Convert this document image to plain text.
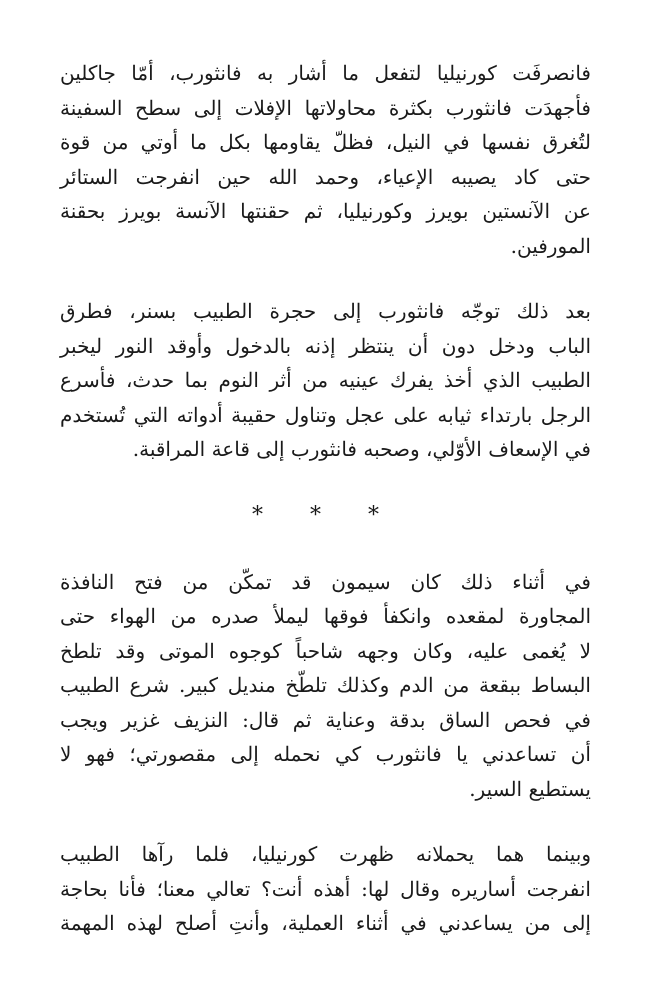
فانصرفَت كورنيليا لتفعل ما أشار به فانثورب، أمّا جاكلين
فأجهدَت فانثورب بكثرة محاولاتها الإفلات إلى سطح السفينة
لتُغرق نفسها في النيل، فظلّ يقاومها بكل ما أوتي من قوة
حتى كاد يصيبه الإعياء، وحمد الله حين انفرجت الستائر
عن الآنستين بويرز وكورنيليا، ثم حقنتها الآنسة بويرز بحقنة
المورفين.

بعد ذلك توجّه فانثورب إلى حجرة الطبيب بسنر، فطرق
الباب ودخل دون أن ينتظر إذنه بالدخول وأوقد النور ليخبر
الطبيب الذي أخذ يفرك عينيه من أثر النوم بما حدث، فأسرع
الرجل بارتداء ثيابه على عجل وتناول حقيبة أدواته التي تُستخدم
في الإسعاف الأوّلي، وصحبه فانثورب إلى قاعة المراقبة.

* * *

في أثناء ذلك كان سيمون قد تمكّن من فتح النافذة
المجاورة لمقعده وانكفأ فوقها ليملأ صدره من الهواء حتى
لا يُغمى عليه، وكان وجهه شاحباً كوجوه الموتى وقد تلطخ
البساط ببقعة من الدم وكذلك تلطّخ منديل كبير. شرع الطبيب
في فحص الساق بدقة وعناية ثم قال: النزيف غزير ويجب
أن تساعدني يا فانثورب كي نحمله إلى مقصورتي؛ فهو لا
يستطيع السير.

وبينما هما يحملانه ظهرت كورنيليا، فلما رآها الطبيب
انفرجت أساريره وقال لها: أهذه أنت؟ تعالي معنا؛ فأنا بحاجة
إلى من يساعدني في أثناء العملية، وأنتِ أصلح لهذه المهمة
